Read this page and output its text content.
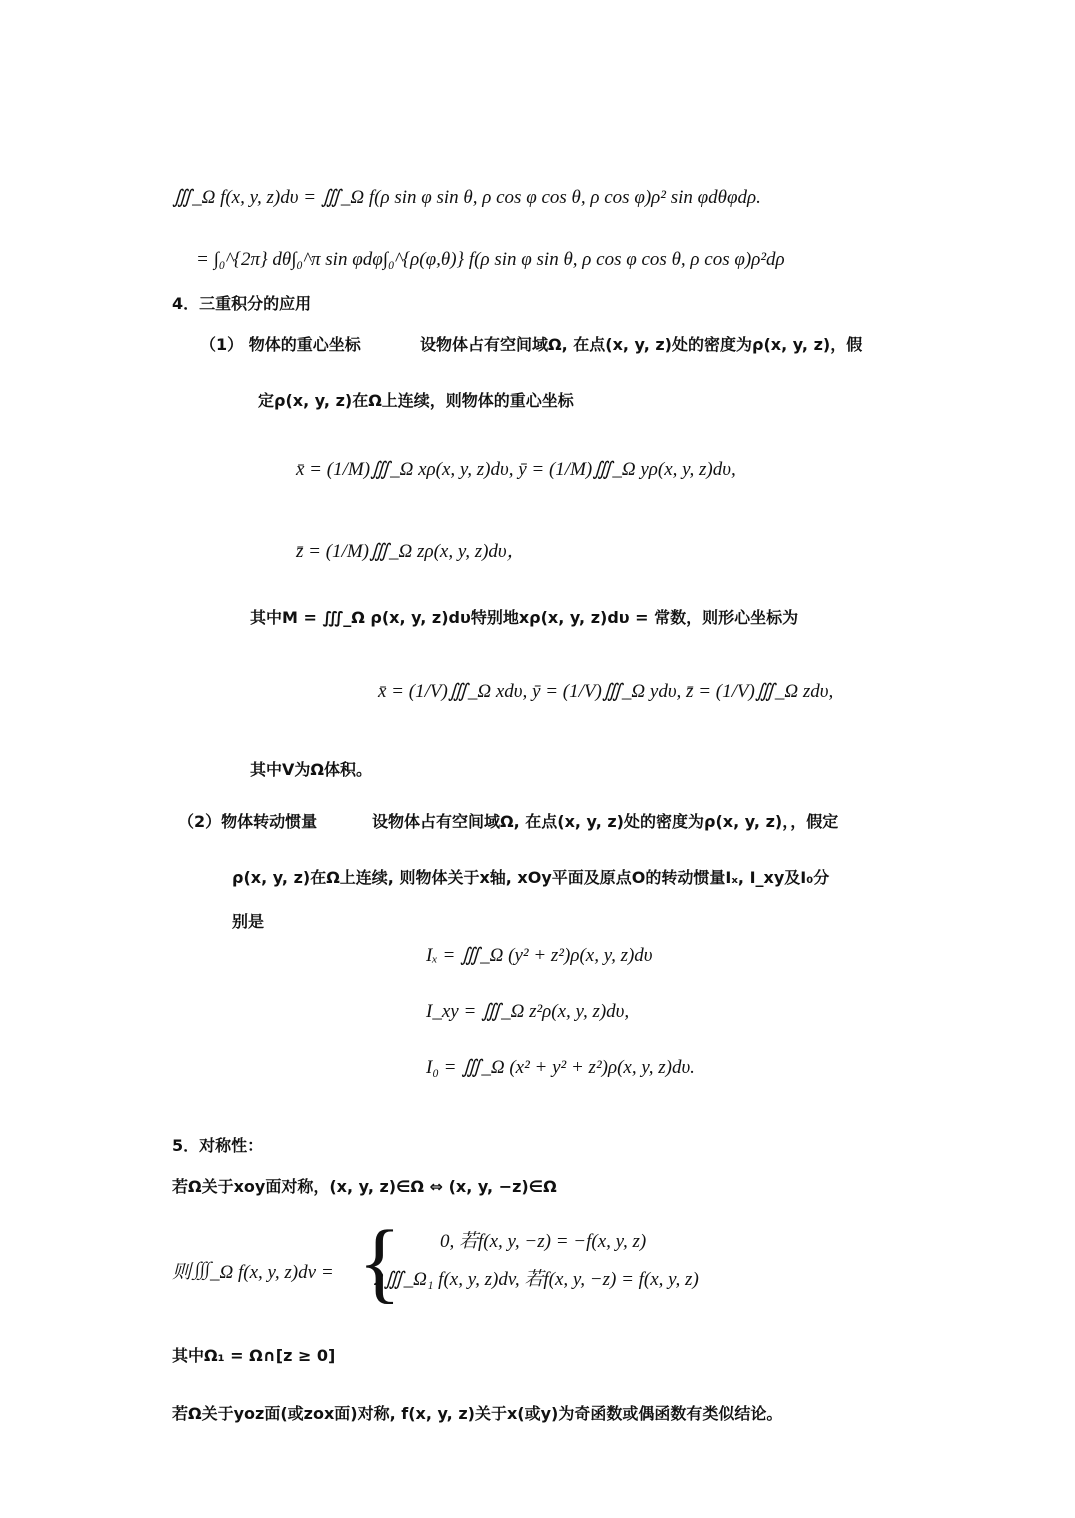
∭_Ω f(x, y, z)dυ = ∭_Ω f(ρ sin φ sin θ, ρ cos φ cos θ, ρ cos φ)ρ² sin φdθφdρ.
= ∫₀^{2π} dθ∫₀^π sin φdφ∫₀^{ρ(φ,θ)} f(ρ sin φ sin θ, ρ cos φ cos θ, ρ cos φ)ρ²dρ
4．三重积分的应用
（1） 物体的重心坐标	设物体占有空间域Ω, 在点(x, y, z)处的密度为ρ(x, y, z)，假
定ρ(x, y, z)在Ω上连续，则物体的重心坐标
x̄ = (1/M)∭_Ω xρ(x, y, z)dυ, ȳ = (1/M)∭_Ω yρ(x, y, z)dυ,
z̄ = (1/M)∭_Ω zρ(x, y, z)dυ，
其中M = ∭_Ω ρ(x, y, z)dυ特别地xρ(x, y, z)dυ = 常数，则形心坐标为
x̄ = (1/V)∭_Ω xdυ, ȳ = (1/V)∭_Ω ydυ, z̄ = (1/V)∭_Ω zdυ,
其中V为Ω体积。
（2）物体转动惯量	设物体占有空间域Ω, 在点(x, y, z)处的密度为ρ(x, y, z)，，假定
ρ(x, y, z)在Ω上连续, 则物体关于x轴, xOy平面及原点O的转动惯量Iₓ, I_xy及I₀分
别是
Iₓ = ∭_Ω (y² + z²)ρ(x, y, z)dυ
I_xy = ∭_Ω z²ρ(x, y, z)dυ,
I₀ = ∭_Ω (x² + y² + z²)ρ(x, y, z)dυ.
5．对称性：
若Ω关于xoy面对称，(x, y, z)∈Ω ⇔ (x, y, −z)∈Ω
则∭_Ω f(x, y, z)dv = { 0, 若f(x, y, −z) = −f(x, y, z)
2∭_Ω₁ f(x, y, z)dv, 若f(x, y, −z) = f(x, y, z)
其中Ω₁ = Ω∩[z ≥ 0]
若Ω关于yoz面(或zox面)对称, f(x, y, z)关于x(或y)为奇函数或偶函数有类似结论。
